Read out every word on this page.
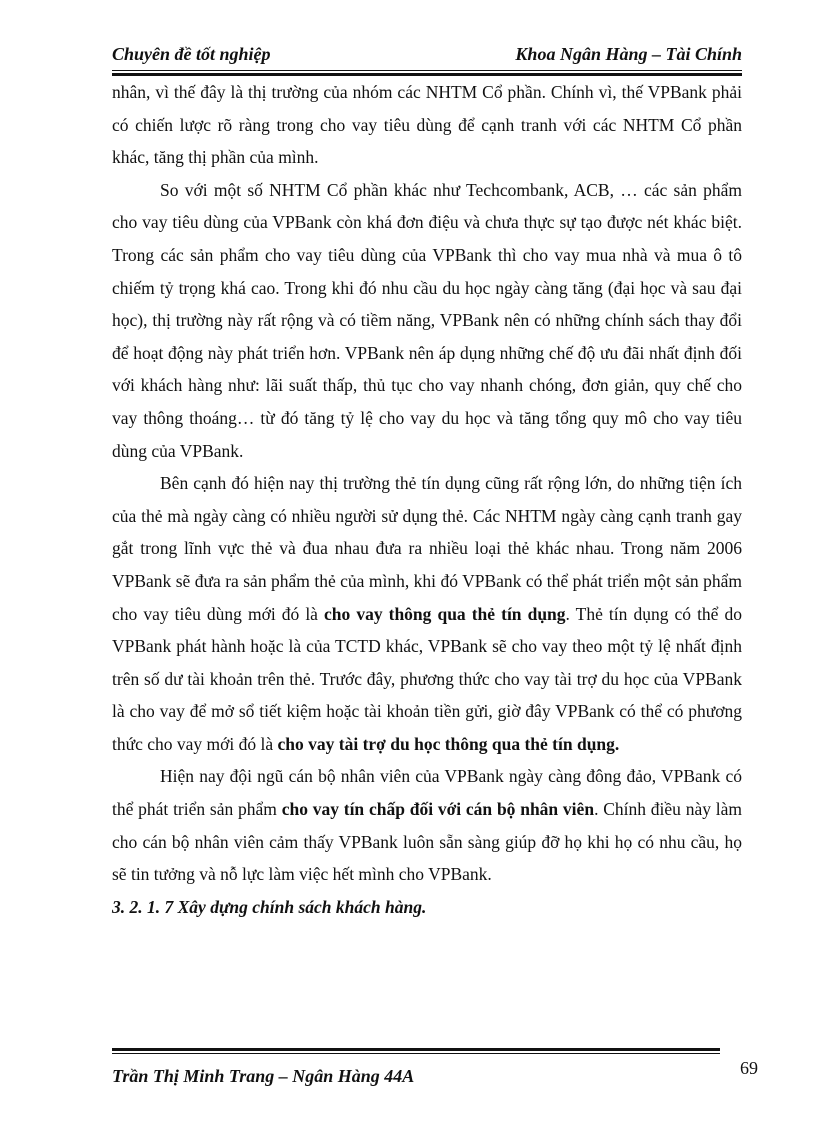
Chuyên đề tốt nghiệp	Khoa Ngân Hàng – Tài Chính

nhân, vì thế đây là thị trường của nhóm các NHTM Cổ phần. Chính vì, thế VPBank phải có chiến lược rõ ràng trong cho vay tiêu dùng để cạnh tranh với các NHTM Cổ phần khác, tăng thị phần của mình.

So với một số NHTM Cổ phần khác như Techcombank, ACB, … các sản phẩm cho vay tiêu dùng của VPBank còn khá đơn điệu và chưa thực sự tạo được nét khác biệt. Trong các sản phẩm cho vay tiêu dùng của VPBank thì cho vay mua nhà và mua ô tô chiếm tỷ trọng khá cao. Trong khi đó nhu cầu du học ngày càng tăng (đại học và sau đại học), thị trường này rất rộng và có tiềm năng, VPBank nên có những chính sách thay đổi để hoạt động này phát triển hơn. VPBank nên áp dụng những chế độ ưu đãi nhất định đối với khách hàng như: lãi suất thấp, thủ tục cho vay nhanh chóng, đơn giản, quy chế cho vay thông thoáng… từ đó tăng tỷ lệ cho vay du học và tăng tổng quy mô cho vay tiêu dùng của VPBank.

Bên cạnh đó hiện nay thị trường thẻ tín dụng cũng rất rộng lớn, do những tiện ích của thẻ mà ngày càng có nhiều người sử dụng thẻ. Các NHTM ngày càng cạnh tranh gay gắt trong lĩnh vực thẻ và đua nhau đưa ra nhiều loại thẻ khác nhau. Trong năm 2006 VPBank sẽ đưa ra sản phẩm thẻ của mình, khi đó VPBank có thể phát triển một sản phẩm cho vay tiêu dùng mới đó là cho vay thông qua thẻ tín dụng. Thẻ tín dụng có thể do VPBank phát hành hoặc là của TCTD khác, VPBank sẽ cho vay theo một tỷ lệ nhất định trên số dư tài khoản trên thẻ. Trước đây, phương thức cho vay tài trợ du học của VPBank là cho vay để mở sổ tiết kiệm hoặc tài khoản tiền gửi, giờ đây VPBank có thể có phương thức cho vay mới đó là cho vay tài trợ du học thông qua thẻ tín dụng.

Hiện nay đội ngũ cán bộ nhân viên của VPBank ngày càng đông đảo, VPBank có thể phát triển sản phẩm cho vay tín chấp đối với cán bộ nhân viên. Chính điều này làm cho cán bộ nhân viên cảm thấy VPBank luôn sẵn sàng giúp đỡ họ khi họ có nhu cầu, họ sẽ tin tưởng và nỗ lực làm việc hết mình cho VPBank.

3. 2. 1. 7 Xây dựng chính sách khách hàng.

Trần Thị Minh Trang – Ngân Hàng 44A	69
